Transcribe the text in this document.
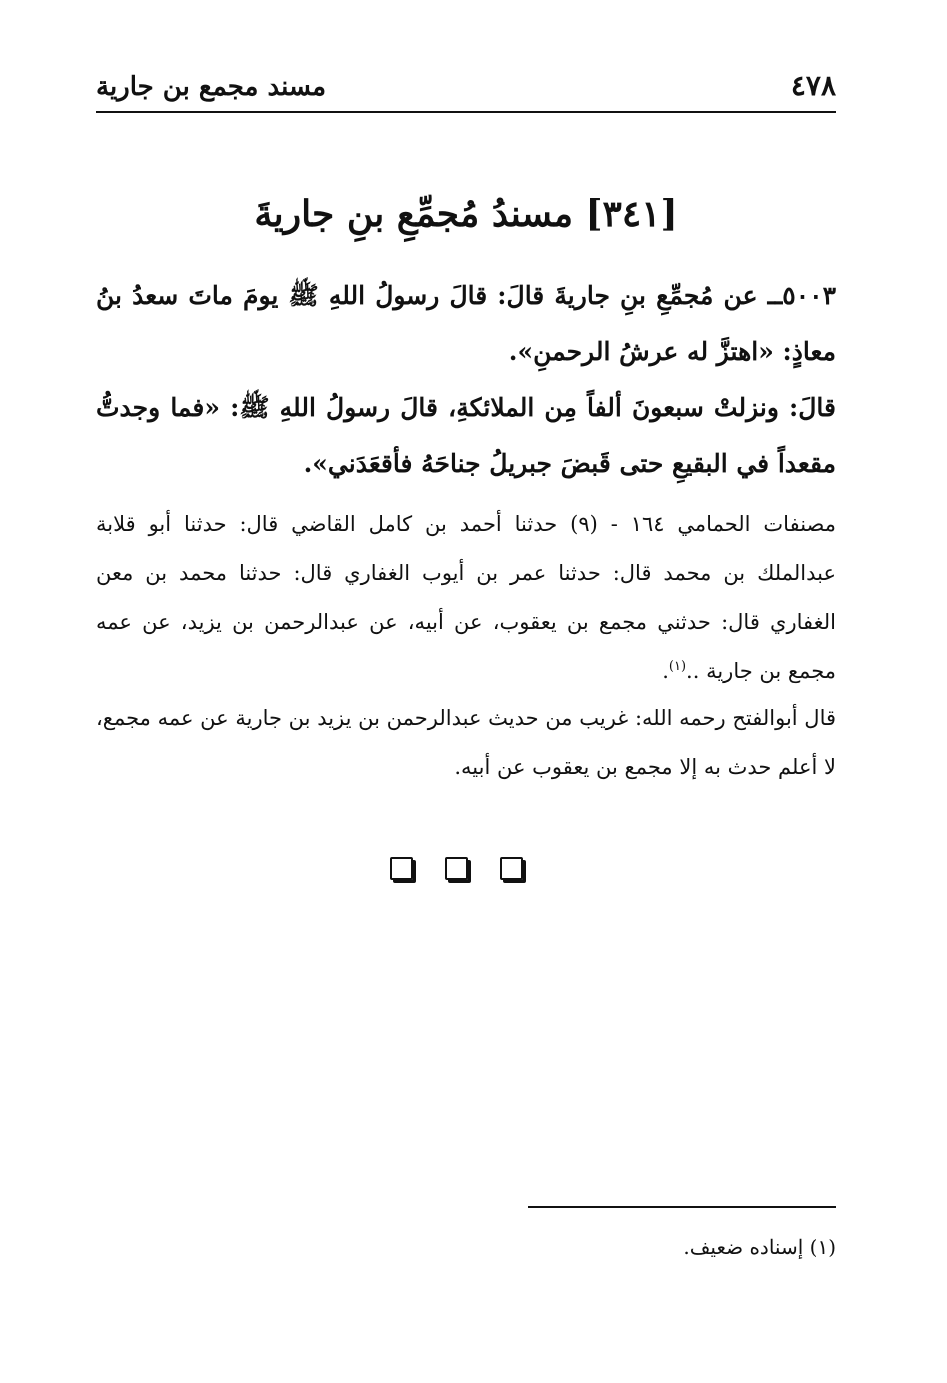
٤٧٨
مسند مجمع بن جارية
[٣٤١] مسندُ مُجمِّعِ بنِ جاريةَ

٥٠٠٣ــ عن مُجمِّعِ بنِ جاريةَ قالَ: قالَ رسولُ اللهِ ﷺ يومَ ماتَ سعدُ بنُ معاذٍ: «اهتزَّ له عرشُ الرحمنِ».

قالَ: ونزلتْ سبعونَ ألفاً مِن الملائكةِ، قالَ رسولُ اللهِ ﷺ: «فما وجدتُّ مقعداً في البقيعِ حتى قَبضَ جبريلُ جناحَهُ فأقعَدَني».

مصنفات الحمامي ١٦٤ - (٩) حدثنا أحمد بن كامل القاضي قال: حدثنا أبو قلابة عبدالملك بن محمد قال: حدثنا عمر بن أيوب الغفاري قال: حدثنا محمد بن معن الغفاري قال: حدثني مجمع بن يعقوب، عن أبيه، عن عبدالرحمن بن يزيد، عن عمه مجمع بن جارية ..$^{(١)}$.

قال أبوالفتح رحمه الله: غريب من حديث عبدالرحمن بن يزيد بن جارية عن عمه مجمع، لا أعلم حدث به إلا مجمع بن يعقوب عن أبيه.

(١) إسناده ضعيف.
